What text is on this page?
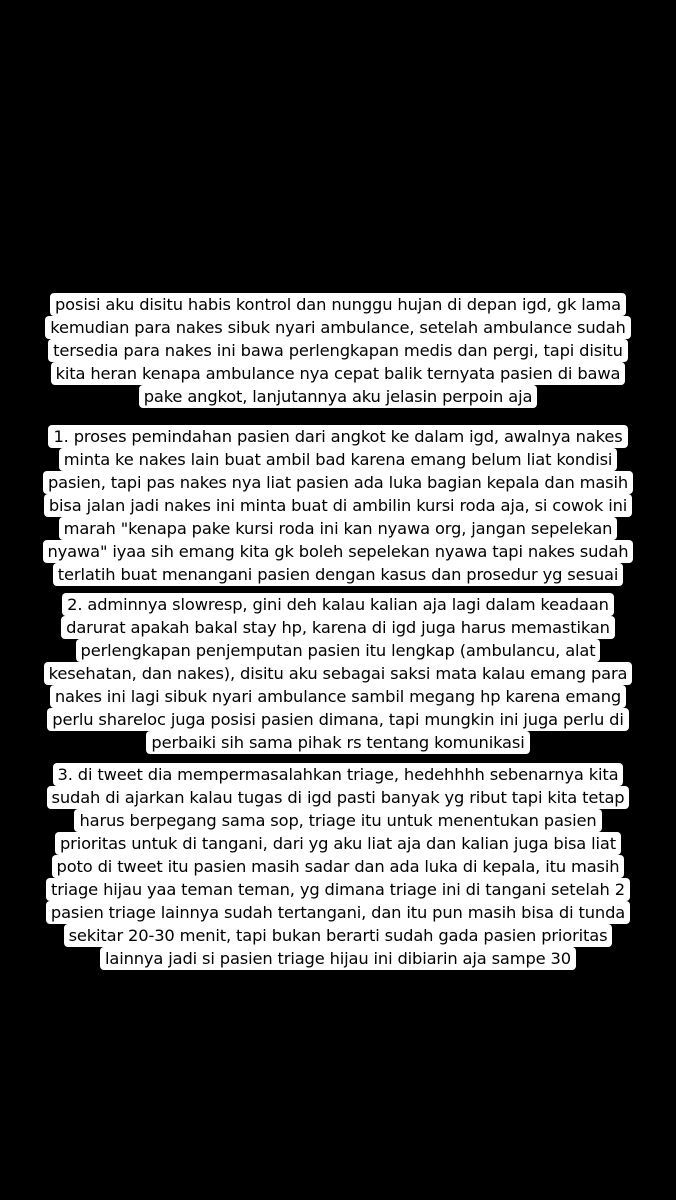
posisi aku disitu habis kontrol dan nunggu hujan di depan igd, gk lama
kemudian para nakes sibuk nyari ambulance, setelah ambulance sudah
tersedia para nakes ini bawa perlengkapan medis dan pergi, tapi disitu
kita heran kenapa ambulance nya cepat balik ternyata pasien di bawa
pake angkot, lanjutannya aku jelasin perpoin aja
1. proses pemindahan pasien dari angkot ke dalam igd, awalnya nakes
minta ke nakes lain buat ambil bad karena emang belum liat kondisi
pasien, tapi pas nakes nya liat pasien ada luka bagian kepala dan masih
bisa jalan jadi nakes ini minta buat di ambilin kursi roda aja, si cowok ini
marah "kenapa pake kursi roda ini kan nyawa org, jangan sepelekan
nyawa" iyaa sih emang kita gk boleh sepelekan nyawa tapi nakes sudah
terlatih buat menangani pasien dengan kasus dan prosedur yg sesuai
2. adminnya slowresp, gini deh kalau kalian aja lagi dalam keadaan
darurat apakah bakal stay hp, karena di igd juga harus memastikan
perlengkapan penjemputan pasien itu lengkap (ambulancu, alat
kesehatan, dan nakes), disitu aku sebagai saksi mata kalau emang para
nakes ini lagi sibuk nyari ambulance sambil megang hp karena emang
perlu shareloc juga posisi pasien dimana, tapi mungkin ini juga perlu di
perbaiki sih sama pihak rs tentang komunikasi
3. di tweet dia mempermasalahkan triage, hedehhhh sebenarnya kita
sudah di ajarkan kalau tugas di igd pasti banyak yg ribut tapi kita tetap
harus berpegang sama sop, triage itu untuk menentukan pasien
prioritas untuk di tangani, dari yg aku liat aja dan kalian juga bisa liat
poto di tweet itu pasien masih sadar dan ada luka di kepala, itu masih
triage hijau yaa teman teman, yg dimana triage ini di tangani setelah 2
pasien triage lainnya sudah tertangani, dan itu pun masih bisa di tunda
sekitar 20-30 menit, tapi bukan berarti sudah gada pasien prioritas
lainnya jadi si pasien triage hijau ini dibiarin aja sampe 30
